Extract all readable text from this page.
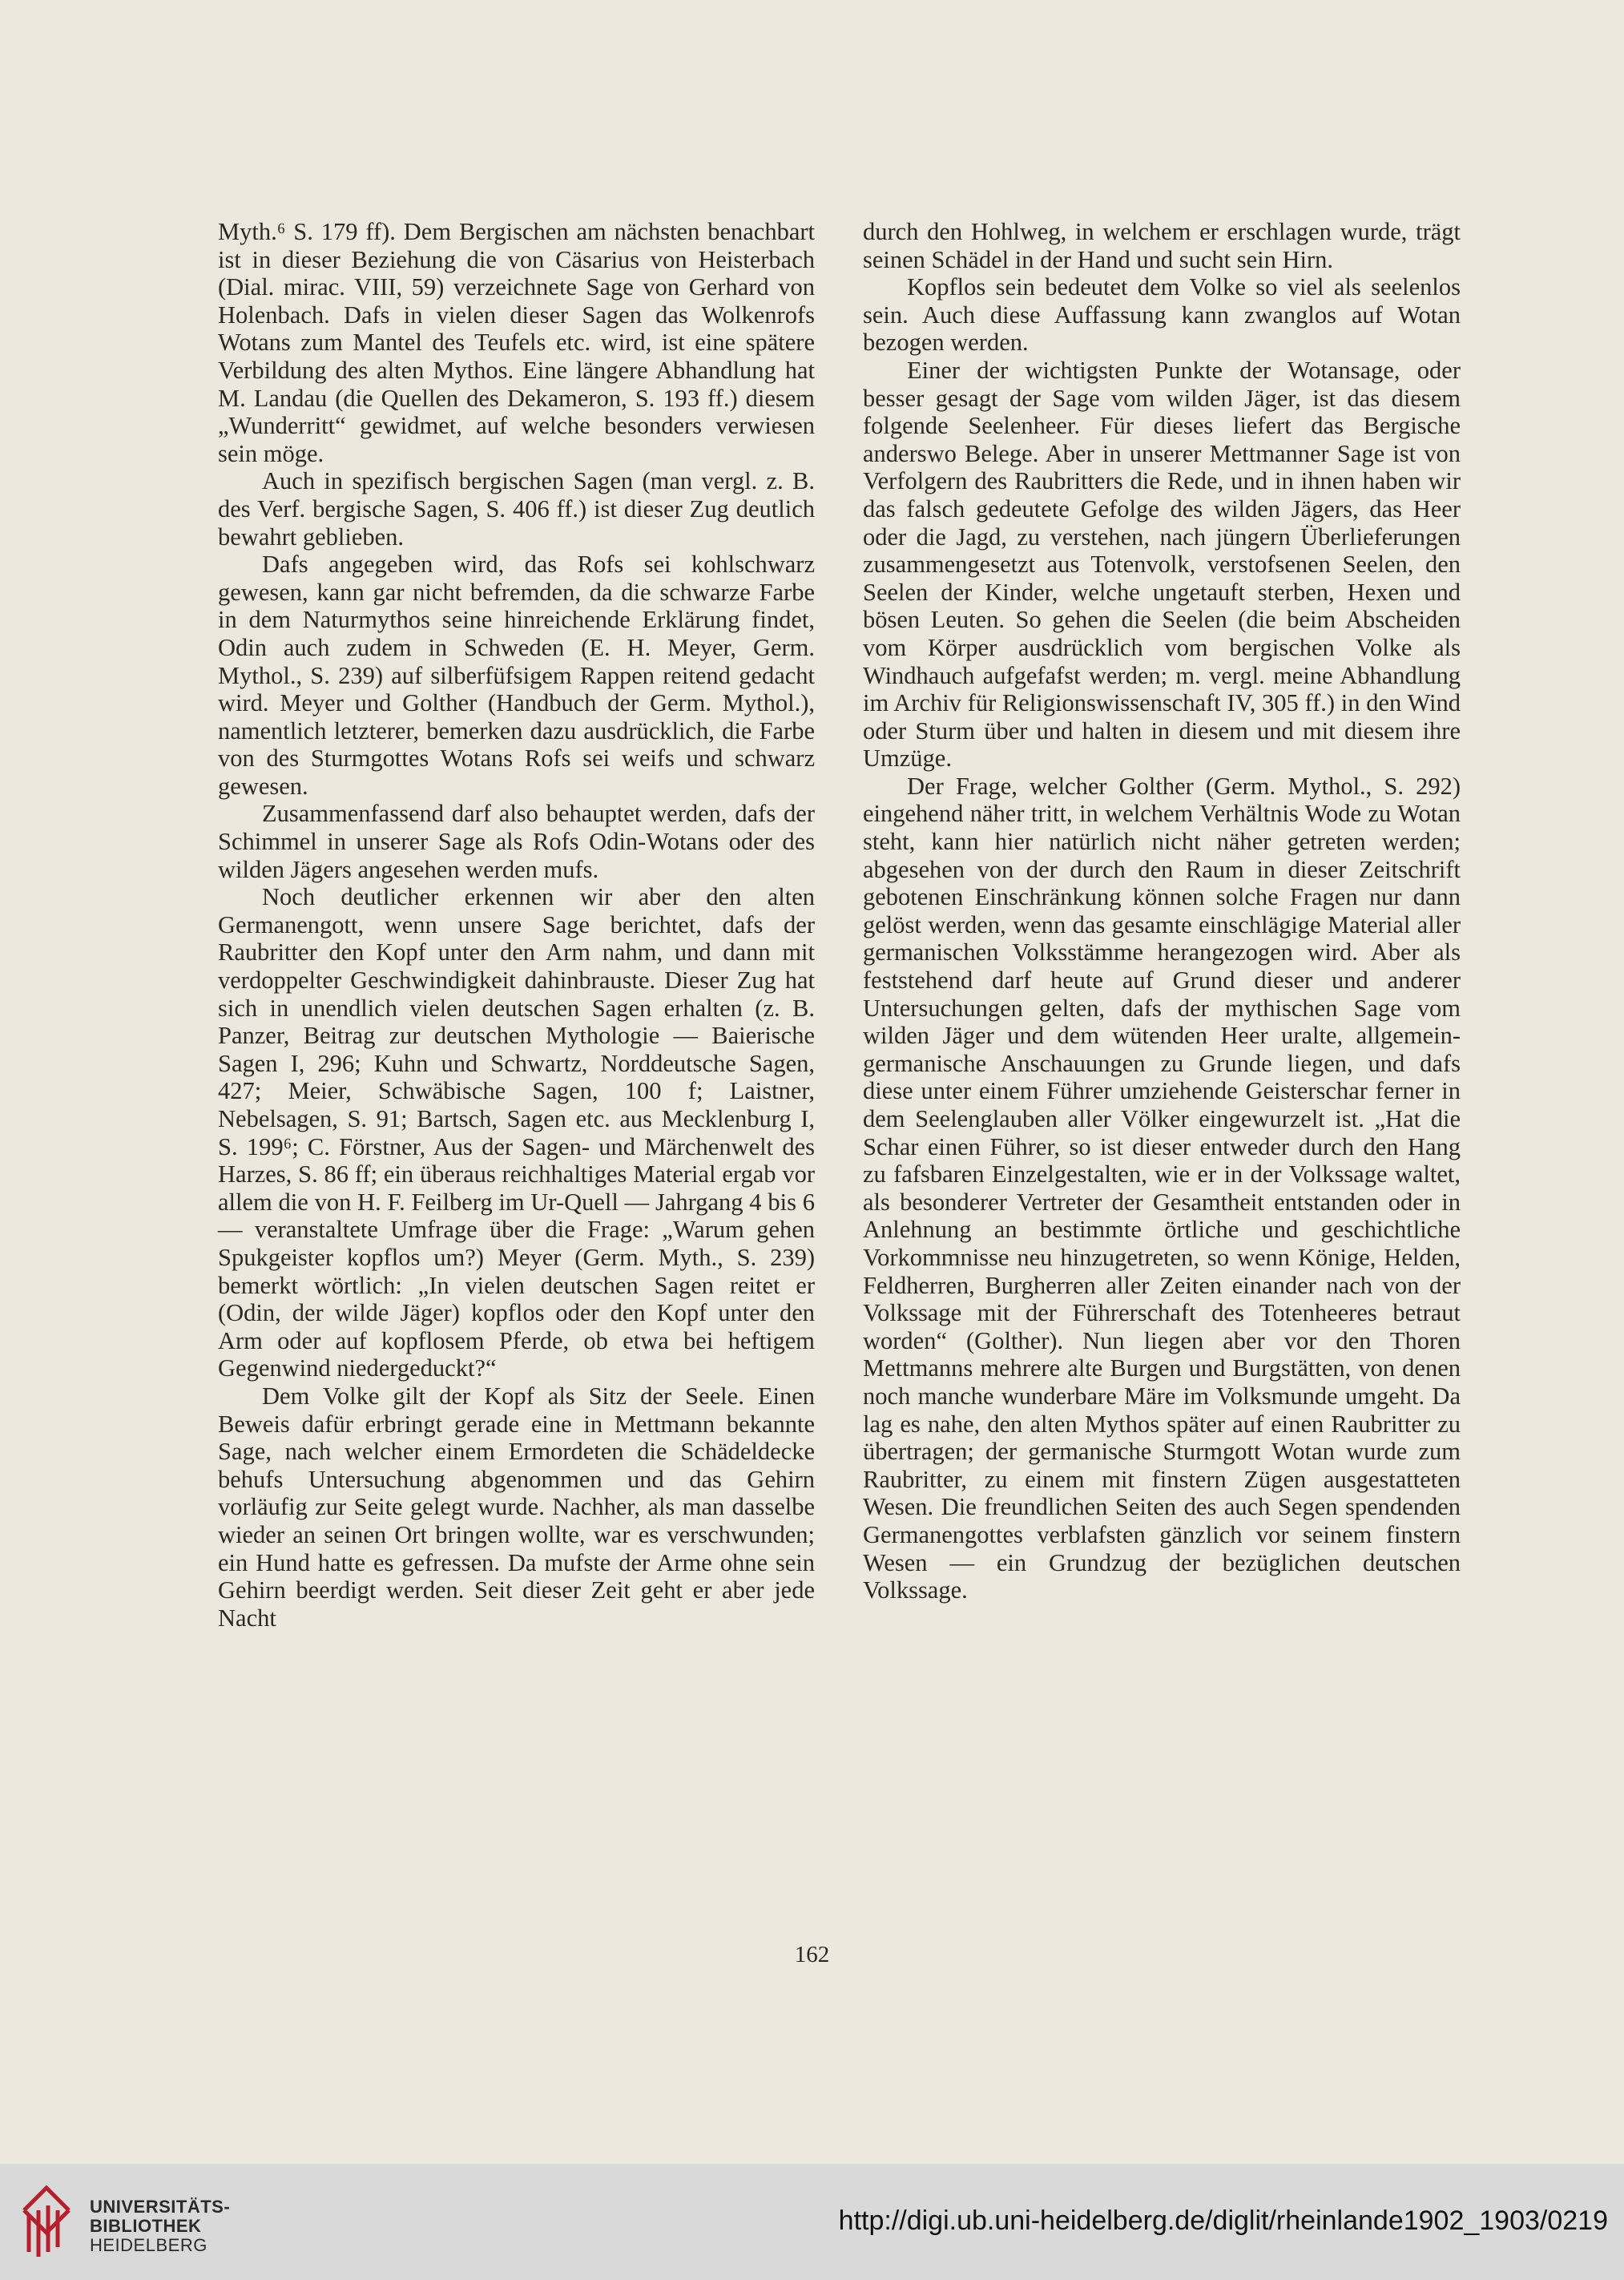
Myth.⁶ S. 179 ff). Dem Bergischen am nächsten benachbart ist in dieser Beziehung die von Cäsarius von Heisterbach (Dial. mirac. VIII, 59) verzeichnete Sage von Gerhard von Holenbach. Dafs in vielen dieser Sagen das Wolkenrofs Wotans zum Mantel des Teufels etc. wird, ist eine spätere Verbildung des alten Mythos. Eine längere Abhandlung hat M. Landau (die Quellen des Dekameron, S. 193 ff.) diesem „Wunderritt“ gewidmet, auf welche besonders verwiesen sein möge.

Auch in spezifisch bergischen Sagen (man vergl. z. B. des Verf. bergische Sagen, S. 406 ff.) ist dieser Zug deutlich bewahrt geblieben.

Dafs angegeben wird, das Rofs sei kohlschwarz gewesen, kann gar nicht befremden, da die schwarze Farbe in dem Naturmythos seine hinreichende Erklärung findet, Odin auch zudem in Schweden (E. H. Meyer, Germ. Mythol., S. 239) auf silberfüfsigem Rappen reitend gedacht wird. Meyer und Golther (Handbuch der Germ. Mythol.), namentlich letzterer, bemerken dazu ausdrücklich, die Farbe von des Sturmgottes Wotans Rofs sei weifs und schwarz gewesen.

Zusammenfassend darf also behauptet werden, dafs der Schimmel in unserer Sage als Rofs Odin-Wotans oder des wilden Jägers angesehen werden mufs.

Noch deutlicher erkennen wir aber den alten Germanengott, wenn unsere Sage berichtet, dafs der Raubritter den Kopf unter den Arm nahm, und dann mit verdoppelter Geschwindigkeit dahinbrauste. Dieser Zug hat sich in unendlich vielen deutschen Sagen erhalten (z. B. Panzer, Beitrag zur deutschen Mythologie — Baierische Sagen I, 296; Kuhn und Schwartz, Norddeutsche Sagen, 427; Meier, Schwäbische Sagen, 100 f; Laistner, Nebelsagen, S. 91; Bartsch, Sagen etc. aus Mecklenburg I, S. 199⁶; C. Förstner, Aus der Sagen- und Märchenwelt des Harzes, S. 86 ff; ein überaus reichhaltiges Material ergab vor allem die von H. F. Feilberg im Ur-Quell — Jahrgang 4 bis 6 — veranstaltete Umfrage über die Frage: „Warum gehen Spukgeister kopflos um?) Meyer (Germ. Myth., S. 239) bemerkt wörtlich: „In vielen deutschen Sagen reitet er (Odin, der wilde Jäger) kopflos oder den Kopf unter den Arm oder auf kopflosem Pferde, ob etwa bei heftigem Gegenwind niedergeduckt?“

Dem Volke gilt der Kopf als Sitz der Seele. Einen Beweis dafür erbringt gerade eine in Mettmann bekannte Sage, nach welcher einem Ermordeten die Schädeldecke behufs Untersuchung abgenommen und das Gehirn vorläufig zur Seite gelegt wurde. Nachher, als man dasselbe wieder an seinen Ort bringen wollte, war es verschwunden; ein Hund hatte es gefressen. Da mufste der Arme ohne sein Gehirn beerdigt werden. Seit dieser Zeit geht er aber jede Nacht

durch den Hohlweg, in welchem er erschlagen wurde, trägt seinen Schädel in der Hand und sucht sein Hirn.

Kopflos sein bedeutet dem Volke so viel als seelenlos sein. Auch diese Auffassung kann zwanglos auf Wotan bezogen werden.

Einer der wichtigsten Punkte der Wotansage, oder besser gesagt der Sage vom wilden Jäger, ist das diesem folgende Seelenheer. Für dieses liefert das Bergische anderswo Belege. Aber in unserer Mettmanner Sage ist von Verfolgern des Raubritters die Rede, und in ihnen haben wir das falsch gedeutete Gefolge des wilden Jägers, das Heer oder die Jagd, zu verstehen, nach jüngern Überlieferungen zusammengesetzt aus Totenvolk, verstofsenen Seelen, den Seelen der Kinder, welche ungetauft sterben, Hexen und bösen Leuten. So gehen die Seelen (die beim Abscheiden vom Körper ausdrücklich vom bergischen Volke als Windhauch aufgefafst werden; m. vergl. meine Abhandlung im Archiv für Religionswissenschaft IV, 305 ff.) in den Wind oder Sturm über und halten in diesem und mit diesem ihre Umzüge.

Der Frage, welcher Golther (Germ. Mythol., S. 292) eingehend näher tritt, in welchem Verhältnis Wode zu Wotan steht, kann hier natürlich nicht näher getreten werden; abgesehen von der durch den Raum in dieser Zeitschrift gebotenen Einschränkung können solche Fragen nur dann gelöst werden, wenn das gesamte einschlägige Material aller germanischen Volksstämme herangezogen wird. Aber als feststehend darf heute auf Grund dieser und anderer Untersuchungen gelten, dafs der mythischen Sage vom wilden Jäger und dem wütenden Heer uralte, allgemein-germanische Anschauungen zu Grunde liegen, und dafs diese unter einem Führer umziehende Geisterschar ferner in dem Seelenglauben aller Völker eingewurzelt ist. „Hat die Schar einen Führer, so ist dieser entweder durch den Hang zu fafsbaren Einzelgestalten, wie er in der Volkssage waltet, als besonderer Vertreter der Gesamtheit entstanden oder in Anlehnung an bestimmte örtliche und geschichtliche Vorkommnisse neu hinzugetreten, so wenn Könige, Helden, Feldherren, Burgherren aller Zeiten einander nach von der Volkssage mit der Führerschaft des Totenheeres betraut worden“ (Golther). Nun liegen aber vor den Thoren Mettmanns mehrere alte Burgen und Burgstätten, von denen noch manche wunderbare Märe im Volksmunde umgeht. Da lag es nahe, den alten Mythos später auf einen Raubritter zu übertragen; der germanische Sturmgott Wotan wurde zum Raubritter, zu einem mit finstern Zügen ausgestatteten Wesen. Die freundlichen Seiten des auch Segen spendenden Germanengottes verblafsten gänzlich vor seinem finstern Wesen — ein Grundzug der bezüglichen deutschen Volkssage.

162
UNIVERSITÄTS-
BIBLIOTHEK
HEIDELBERG
http://digi.ub.uni-heidelberg.de/diglit/rheinlande1902_1903/0219
